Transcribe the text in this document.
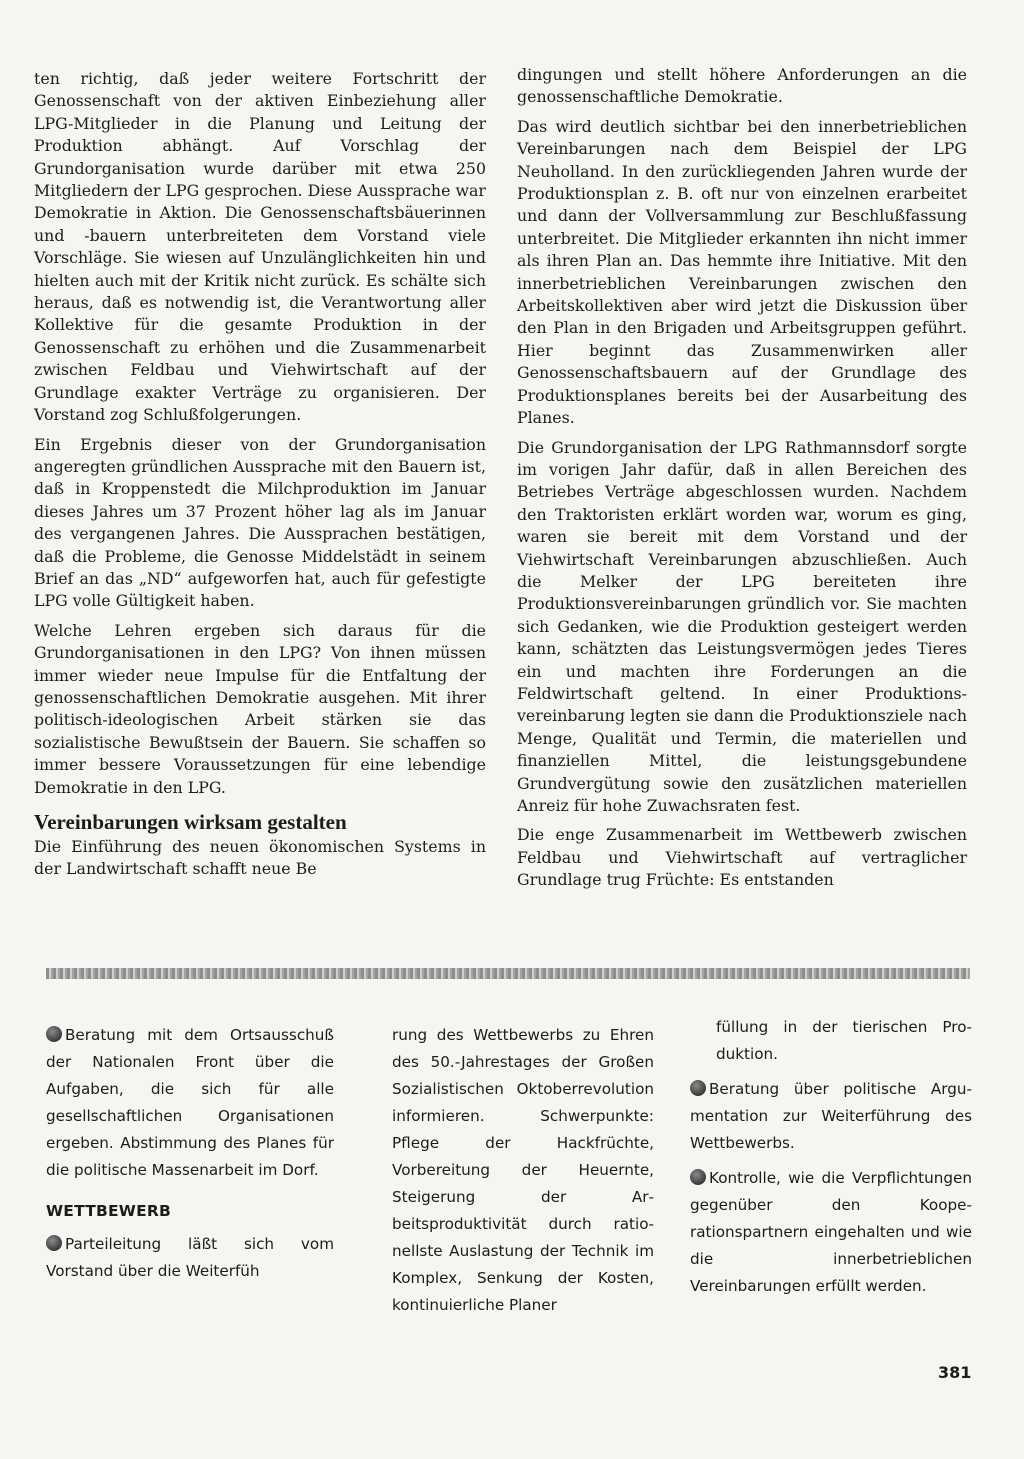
ten richtig, daß jeder weitere Fortschritt der Genossenschaft von der aktiven Einbeziehung aller LPG-Mitglieder in die Planung und Leitung der Produktion abhängt. Auf Vorschlag der Grundorganisation wurde darüber mit etwa 250 Mitgliedern der LPG gesprochen. Diese Aussprache war Demokratie in Aktion. Die Genossenschaftsbäuerinnen und -bauern unterbreiteten dem Vorstand viele Vorschläge. Sie wiesen auf Unzulänglichkeiten hin und hielten auch mit der Kritik nicht zurück. Es schälte sich heraus, daß es notwendig ist, die Verantwortung aller Kollektive für die gesamte Produktion in der Genossenschaft zu erhöhen und die Zusammenarbeit zwischen Feldbau und Viehwirtschaft auf der Grundlage exakter Verträge zu organisieren. Der Vorstand zog Schlußfolgerungen.

Ein Ergebnis dieser von der Grundorganisation angeregten gründlichen Aussprache mit den Bauern ist, daß in Kroppenstedt die Milchproduktion im Januar dieses Jahres um 37 Prozent höher lag als im Januar des vergangenen Jahres. Die Aussprachen bestätigen, daß die Probleme, die Genosse Middelstädt in seinem Brief an das „ND“ aufgeworfen hat, auch für gefestigte LPG volle Gültigkeit haben.

Welche Lehren ergeben sich daraus für die Grundorganisationen in den LPG? Von ihnen müssen immer wieder neue Impulse für die Entfaltung der genossenschaftlichen Demokratie ausgehen. Mit ihrer politisch-ideologischen Arbeit stärken sie das sozialistische Bewußtsein der Bauern. Sie schaffen so immer bessere Voraussetzungen für eine lebendige Demokratie in den LPG.

Vereinbarungen wirksam gestalten

Die Einführung des neuen ökonomischen Systems in der Landwirtschaft schafft neue Be

dingungen und stellt höhere Anforderungen an die genossenschaftliche Demokratie.

Das wird deutlich sichtbar bei den innerbetrieblichen Vereinbarungen nach dem Beispiel der LPG Neuholland. In den zurückliegenden Jahren wurde der Produktionsplan z. B. oft nur von einzelnen erarbeitet und dann der Vollversammlung zur Beschlußfassung unterbreitet. Die Mitglieder erkannten ihn nicht immer als ihren Plan an. Das hemmte ihre Initiative. Mit den innerbetrieblichen Vereinbarungen zwischen den Arbeitskollektiven aber wird jetzt die Diskussion über den Plan in den Brigaden und Arbeitsgruppen geführt. Hier beginnt das Zusammenwirken aller Genossenschaftsbauern auf der Grundlage des Produktionsplanes bereits bei der Ausarbeitung des Planes.

Die Grundorganisation der LPG Rathmannsdorf sorgte im vorigen Jahr dafür, daß in allen Bereichen des Betriebes Verträge abgeschlossen wurden. Nachdem den Traktoristen erklärt worden war, worum es ging, waren sie bereit mit dem Vorstand und der Viehwirtschaft Vereinbarungen abzuschließen. Auch die Melker der LPG bereiteten ihre Produktionsvereinbarungen gründlich vor. Sie machten sich Gedanken, wie die Produktion gesteigert werden kann, schätzten das Leistungsvermögen jedes Tieres ein und machten ihre Forderungen an die Feldwirtschaft geltend. In einer Produktionsvereinbarung legten sie dann die Produktionsziele nach Menge, Qualität und Termin, die materiellen und finanziellen Mittel, die leistungsgebundene Grundvergütung sowie den zusätzlichen materiellen Anreiz für hohe Zuwachsraten fest.

Die enge Zusammenarbeit im Wettbewerb zwischen Feldbau und Viehwirtschaft auf vertraglicher Grundlage trug Früchte: Es entstanden

Beratung mit dem Ortsausschuß der Nationalen Front über die Aufgaben, die sich für alle gesellschaftlichen Organisationen ergeben. Abstimmung des Planes für die politische Massenarbeit im Dorf.

WETTBEWERB

Parteileitung läßt sich vom Vorstand über die Weiterfüh

rung des Wettbewerbs zu Ehren des 50.-Jahrestages der Großen Sozialistischen Oktoberrevolution informieren. Schwerpunkte: Pflege der Hackfrüchte, Vorbereitung der Heuernte, Steigerung der Arbeitsproduktivität durch rationellste Auslastung der Technik im Komplex, Senkung der Kosten, kontinuierliche Planer

füllung in der tierischen Produktion.

Beratung über politische Argumentation zur Weiterführung des Wettbewerbs.

Kontrolle, wie die Verpflichtungen gegenüber den Kooperationspartnern eingehalten und wie die innerbetrieblichen Vereinbarungen erfüllt werden.

381
